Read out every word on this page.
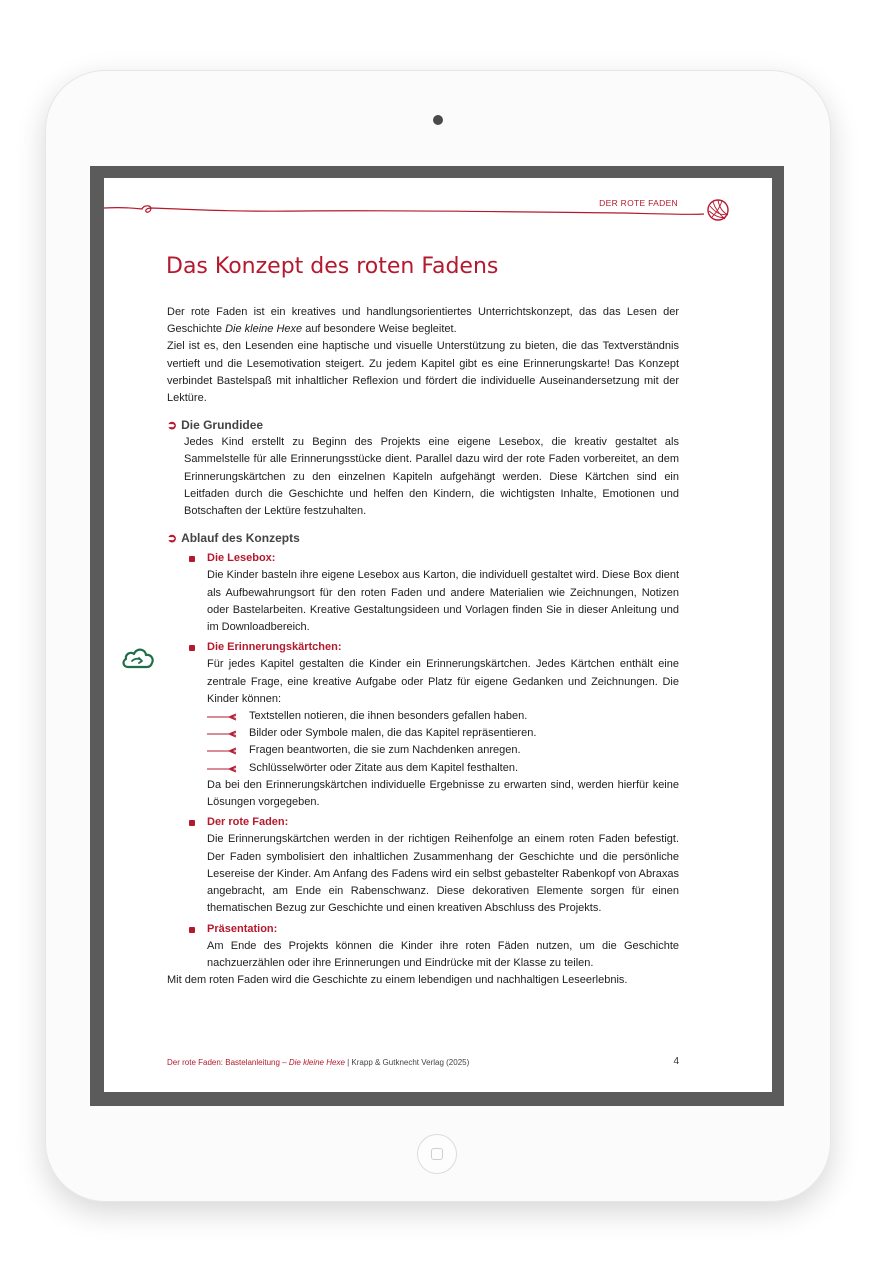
DER ROTE FADEN
Das Konzept des roten Fadens

Der rote Faden ist ein kreatives und handlungsorientiertes Unterrichtskonzept, das das Lesen der Geschichte Die kleine Hexe auf besondere Weise begleitet.

Ziel ist es, den Lesenden eine haptische und visuelle Unterstützung zu bieten, die das Textverständnis vertieft und die Lesemotivation steigert. Zu jedem Kapitel gibt es eine Erinnerungskarte! Das Konzept verbindet Bastelspaß mit inhaltlicher Reflexion und fördert die individuelle Auseinandersetzung mit der Lektüre.

➲ Die Grundidee

Jedes Kind erstellt zu Beginn des Projekts eine eigene Lesebox, die kreativ gestaltet als Sammelstelle für alle Erinnerungsstücke dient. Parallel dazu wird der rote Faden vorbereitet, an dem Erinnerungskärtchen zu den einzelnen Kapiteln aufgehängt werden. Diese Kärtchen sind ein Leitfaden durch die Geschichte und helfen den Kindern, die wichtigsten Inhalte, Emotionen und Botschaften der Lektüre festzuhalten.

➲ Ablauf des Konzepts
Die Lesebox:

Die Kinder basteln ihre eigene Lesebox aus Karton, die individuell gestaltet wird. Diese Box dient als Aufbewahrungsort für den roten Faden und andere Materialien wie Zeichnungen, Notizen oder Bastelarbeiten. Kreative Gestaltungsideen und Vorlagen finden Sie in dieser Anleitung und im Downloadbereich.

Die Erinnerungskärtchen:

Für jedes Kapitel gestalten die Kinder ein Erinnerungskärtchen. Jedes Kärtchen enthält eine zentrale Frage, eine kreative Aufgabe oder Platz für eigene Gedanken und Zeichnungen. Die Kinder können:

Textstellen notieren, die ihnen besonders gefallen haben.
Bilder oder Symbole malen, die das Kapitel repräsentieren.
Fragen beantworten, die sie zum Nachdenken anregen.
Schlüsselwörter oder Zitate aus dem Kapitel festhalten.

Da bei den Erinnerungskärtchen individuelle Ergebnisse zu erwarten sind, werden hierfür keine Lösungen vorgegeben.

Der rote Faden:

Die Erinnerungskärtchen werden in der richtigen Reihenfolge an einem roten Faden befestigt. Der Faden symbolisiert den inhaltlichen Zusammenhang der Geschichte und die persönliche Lesereise der Kinder. Am Anfang des Fadens wird ein selbst gebastelter Rabenkopf von Abraxas angebracht, am Ende ein Rabenschwanz. Diese dekorativen Elemente sorgen für einen thematischen Bezug zur Geschichte und einen kreativen Abschluss des Projekts.

Präsentation:

Am Ende des Projekts können die Kinder ihre roten Fäden nutzen, um die Geschichte nachzuerzählen oder ihre Erinnerungen und Eindrücke mit der Klasse zu teilen.

Mit dem roten Faden wird die Geschichte zu einem lebendigen und nachhaltigen Leseerlebnis.

Der rote Faden: Bastelanleitung – Die kleine Hexe | Krapp & Gutknecht Verlag (2025)	4
